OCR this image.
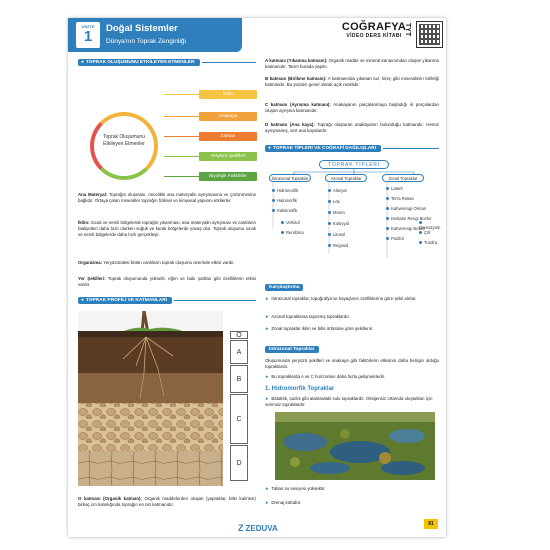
ÜNİTE
1	Doğal Sistemler
Dünya'nın Toprak Zenginliği
COĞRAFYA
VİDEO DERS KİTABI TYT
● TOPRAK OLUŞUMUNU ETKİLEYEN ETMENLER
Toprak Oluşumunu Etkileyen Etmenler
İklim
Anakaya
Zaman
Yeryüzü Şekilleri
Biyolojik Faktörler
Ana Materyal: Toprağın oluşması, öncelikle ana materyalin ayrışmasına ve çözünmesine bağlıdır. Ortaya çıkan mineraller toprağın fiziksel ve kimyasal yapısını etkilerler.
İklim: Sıcak ve nemli bölgelerde toprağın yıkanması, ana materyalin ayrışması ve canlıların faaliyetleri daha hızlı olurken soğuk ve kurak bölgelerde yavaş olur. Toprak oluşumu sıcak ve nemli bölgelerde daha hızlı gerçekleşir.
Organizma: Yeryüzündeki bütün canlıların toprak oluşumu üzerinde etkisi vardır.
Yer Şekilleri: Toprak oluşumunda yükselti, eğim ve bakı şartları gibi özelliklerin etkisi vardır.
● TOPRAK PROFİLİ VE KATMANLARI
O
A
B
C
D
O katmanı (Organik katman): Organik maddelerden oluşan (yapraklar, bitki kalıntısı) birkaç cm kalınlığında toprağın en üst katmanıdır.
A katmanı (Yıkanma katmanı): Organik madde ve mineral karışımından oluşan yıkanma katmanıdır. Tarım burada yapılır.
B katmanı (Birikme katmanı): A katmanında yıkanan tuz, kireç gibi minerallerin biriktiği katmandır. Bu yüzden genel olarak açık renklidir.
C katmanı (Ayrışma katmanı): Anakayanın parçalanmaya başladığı iri parçalardan oluşan ayrışma katmanıdır.
D katmanı (Ana kaya): Toprağı oluşturan anakayanın bulunduğu katmandır. Henüz ayrışmamış, sert ana kayalardır.
● TOPRAK TİPLERİ VE COĞRAFİ DAĞILIŞLARI
TOPRAK TİPLERİ
İntrazonal Topraklar	Azonal Topraklar	Zonal Topraklar
Hidromorfik
Halomorfik
Kalsimorfik
Vertisol
Rendzina
Alüvyal
Lös
Moren
Kolüvyal
Litosol
Regosol
Laterit
Terra Rossa
Kahverengi Orman
Kestane Rengi Bozkır
Kahverengi Bozkır
Podzol
Çernozyom
Çöl
Tundra
Karşılaştırma
► İntrazonal topraklar, topoğrafya ve kayaçların özelliklerine göre şekil alırlar.
► Azonal topraklarsa taşınmış topraklardır.
► Zonal topraklar iklim ve bitki örtüsüne göre şekillenir.
İntrazonal Topraklar
Oluşumunda yeryüzü şekilleri ve anakaya gibi faktörlerin etkisinin daha belirgin olduğu topraklardır.
► Bu topraklarda A ve C horizonları daha fazla gelişmektedir.
1. Hidromorfik Topraklar
► Bataklık, sazlık gibi alanlardaki sulu topraklardır. Oksijensiz ortamda oluştukları için verimsiz topraklardır.
► Taban su seviyesi yüksektir.
► Drenaj kötüdür.
Z ZEDUVA	81
